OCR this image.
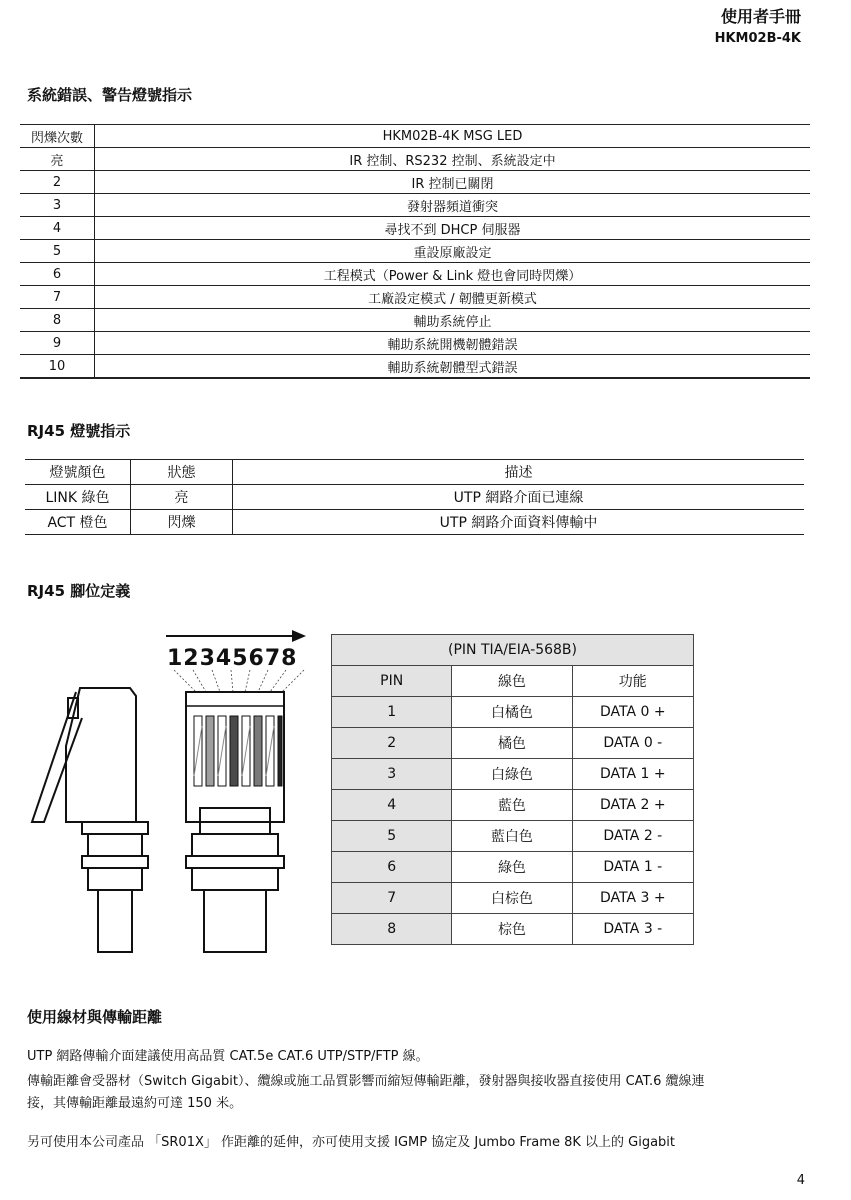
使用者手冊
HKM02B-4K
系統錯誤、警告燈號指示
閃爍次數	HKM02B-4K MSG LED
亮	IR 控制、RS232 控制、系統設定中
2	IR 控制已關閉
3	發射器頻道衝突
4	尋找不到 DHCP 伺服器
5	重設原廠設定
6	工程模式（Power & Link 燈也會同時閃爍）
7	工廠設定模式 / 韌體更新模式
8	輔助系統停止
9	輔助系統開機韌體錯誤
10	輔助系統韌體型式錯誤
RJ45 燈號指示
燈號顏色	狀態	描述
LINK 綠色	亮	UTP 網路介面已連線
ACT 橙色	閃爍	UTP 網路介面資料傳輸中
RJ45 腳位定義
12345678	(PIN TIA/EIA-568B)		
PIN	線色	功能
1	白橘色	DATA 0 +
2	橘色	DATA 0 -
3	白綠色	DATA 1 +
4	藍色	DATA 2 +
5	藍白色	DATA 2 -
6	綠色	DATA 1 -
7	白棕色	DATA 3 +
8	棕色	DATA 3 -
使用線材與傳輸距離
UTP 網路傳輸介面建議使用高品質 CAT.5e CAT.6 UTP/STP/FTP 線。
傳輸距離會受器材（Switch Gigabit）、纜線或施工品質影響而縮短傳輸距離，發射器與接收器直接使用 CAT.6 纜線連
接，其傳輸距離最遠約可達 150 米。
另可使用本公司產品 「SR01X」 作距離的延伸，亦可使用支援 IGMP 協定及 Jumbo Frame 8K 以上的 Gigabit
4
